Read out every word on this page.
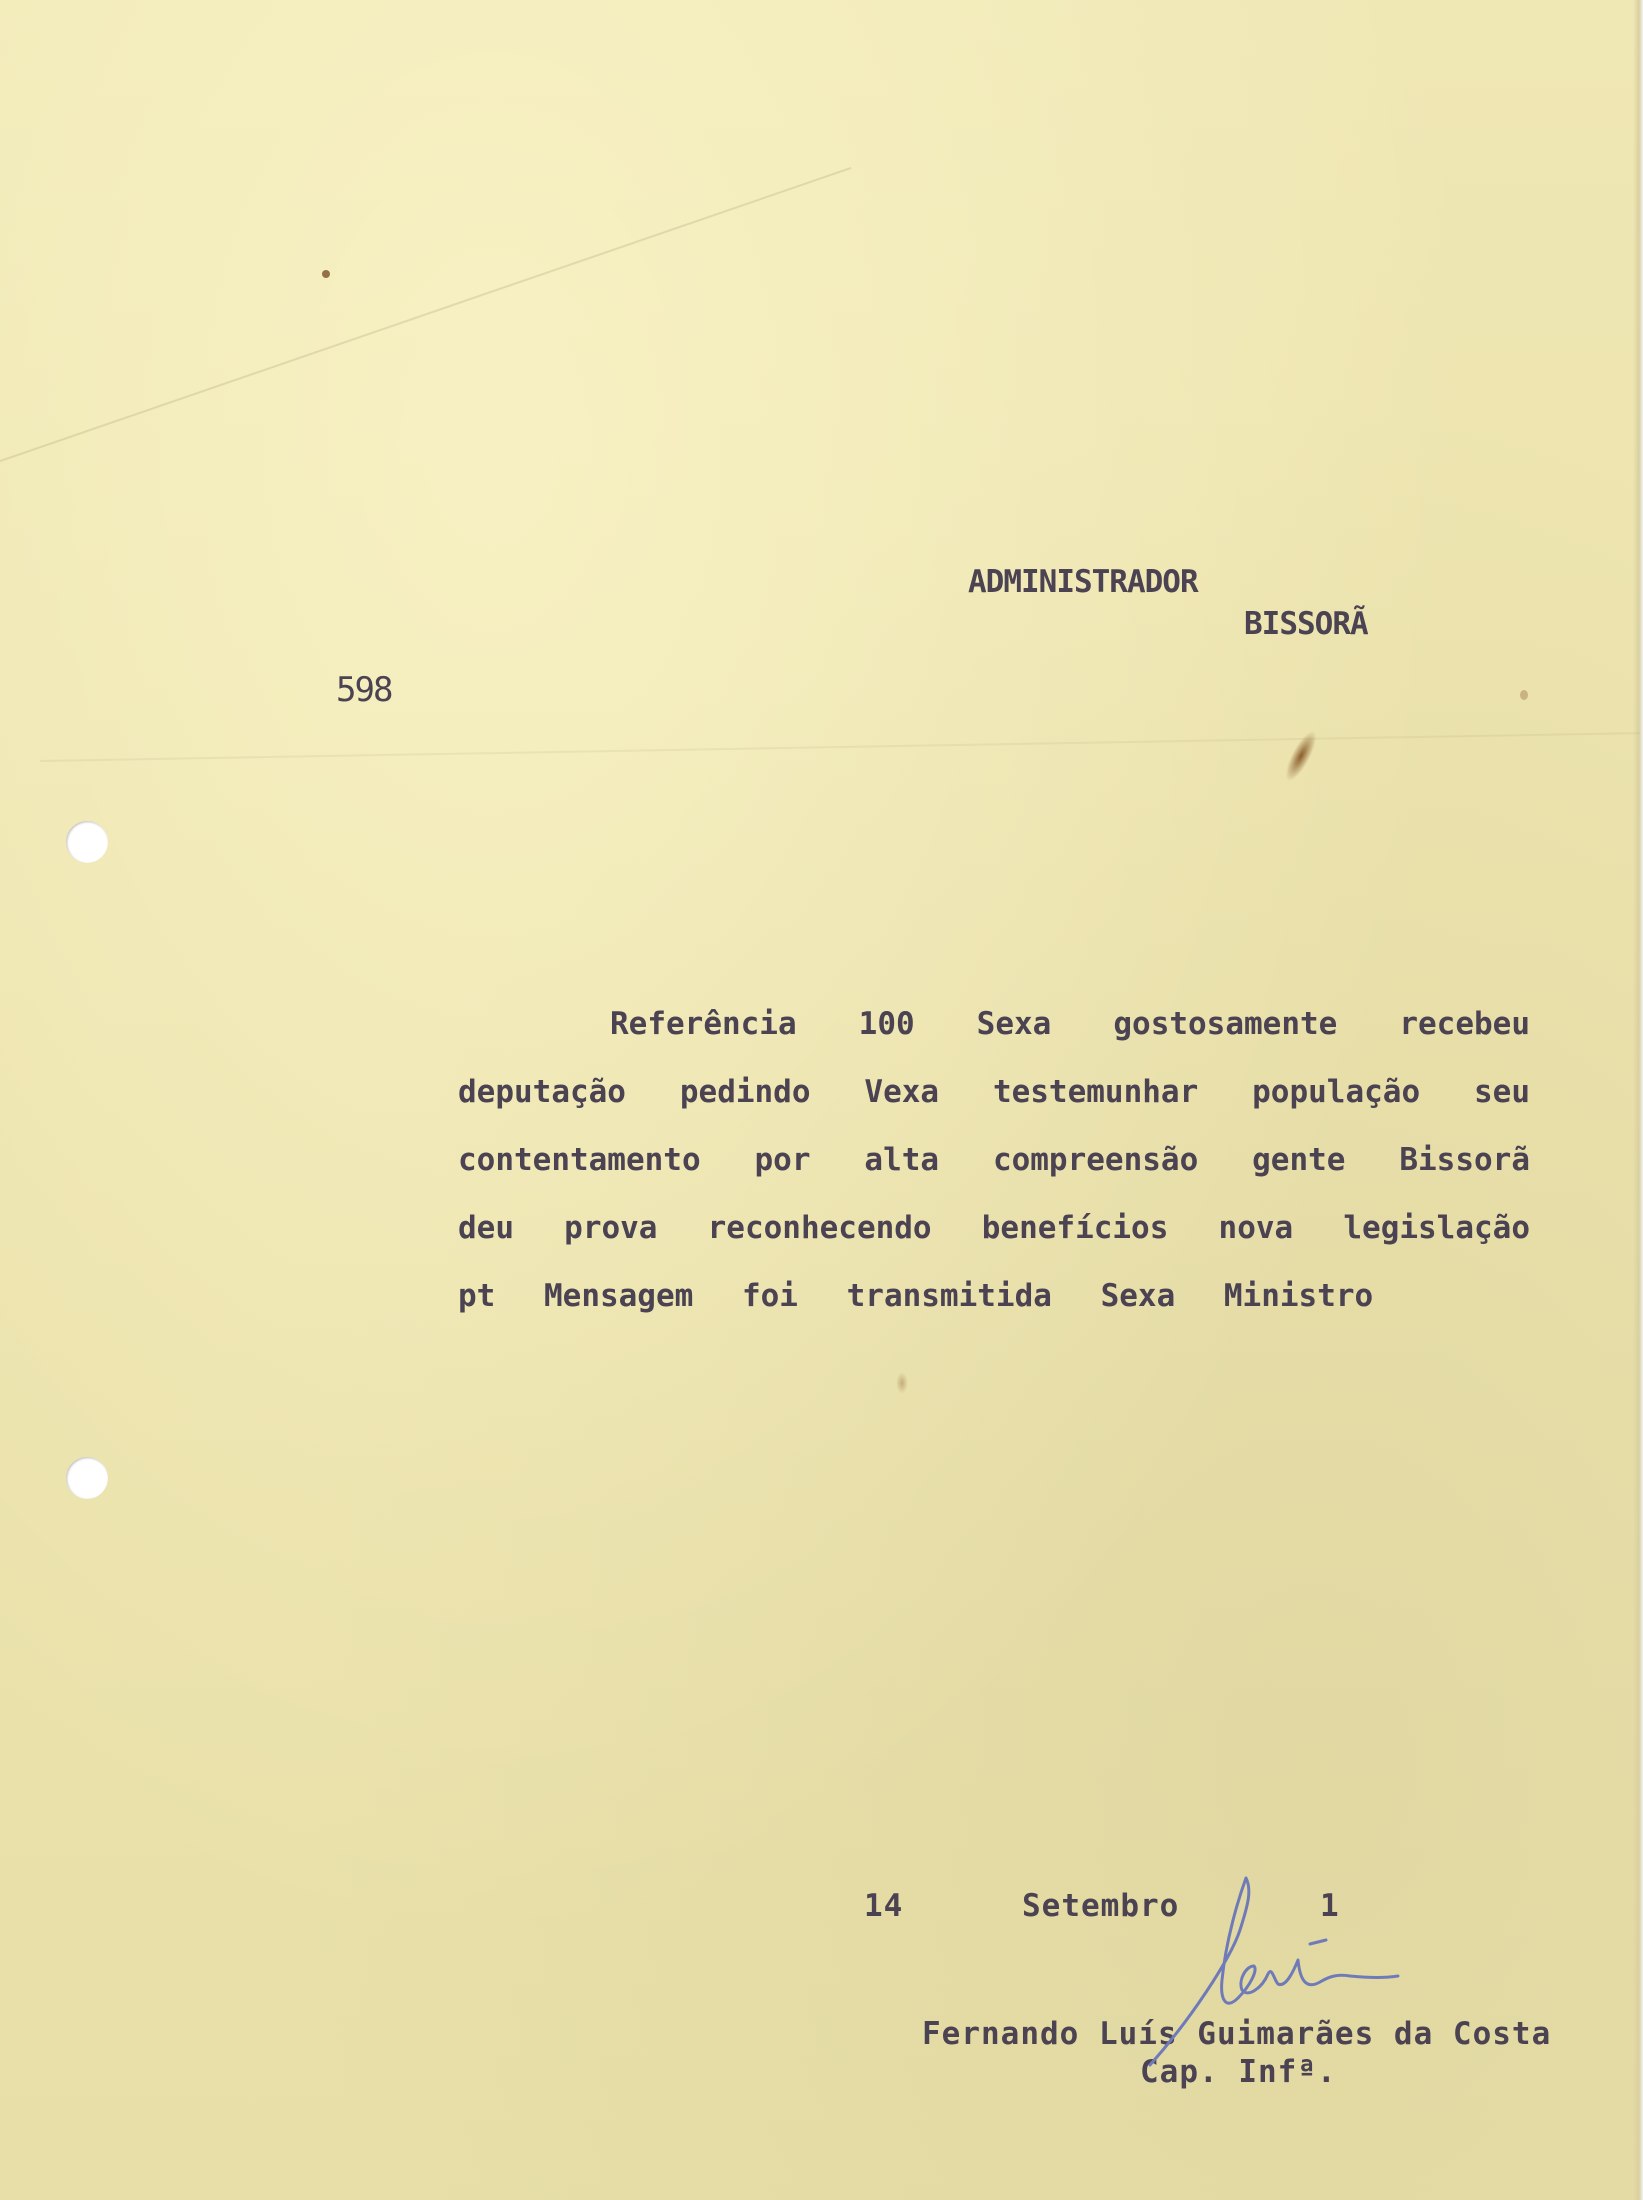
ADMINISTRADOR
BISSORÃ
598
Referência 100 Sexa gostosamente recebeu
deputação pedindo Vexa testemunhar população seu
contentamento por alta compreensão gente Bissorã
deu prova reconhecendo benefícios nova legislação
pt Mensagem foi transmitida Sexa Ministro
14	Setembro	1
Fernando Luís Guimarães da Costa
Cap. Infª.
